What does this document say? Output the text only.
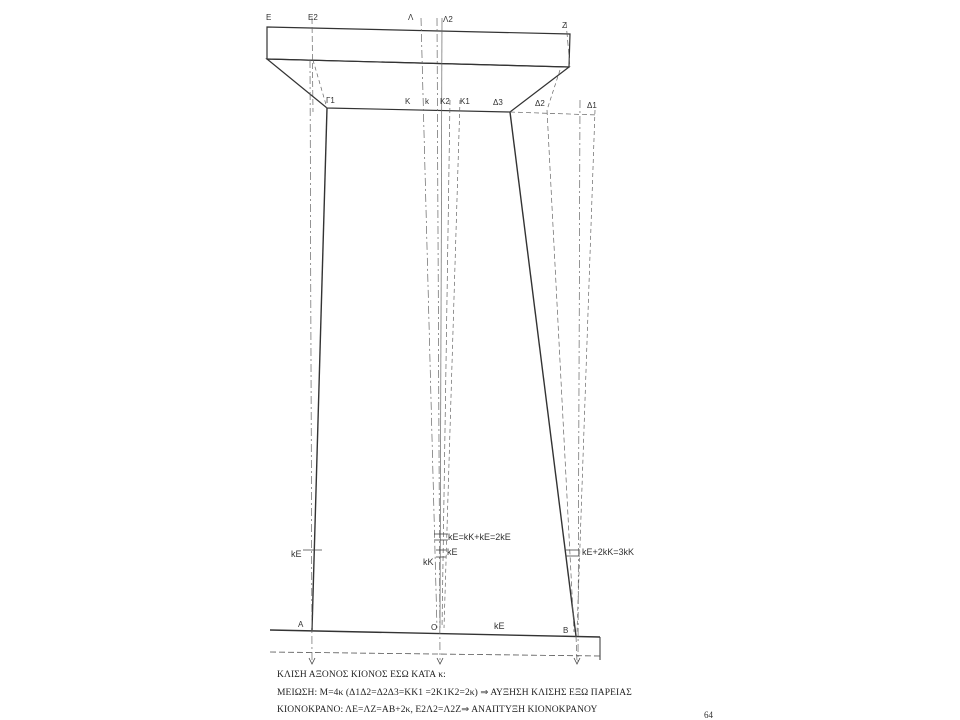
Ε	Ε2	Λ	Λ2
Ζ
Γ1	Κ k K2 K1	Δ3	Δ2	Δ1
Α	Ο	Β
kΕ
kΕ
kΕ
kΚ
kΕ=kΚ+kΕ=2kΕ
kΕ+2kΚ=3kΚ
ΚΛΙΣΗ ΑΞΟΝΟΣ ΚΙΟΝΟΣ ΕΣΩ ΚΑΤΑ κ:
ΜΕΙΩΣΗ: Μ=4κ (Δ1Δ2=Δ2Δ3=ΚΚ1 =2Κ1Κ2=2κ) ⇒ ΑΥΞΗΣΗ ΚΛΙΣΗΣ ΕΞΩ ΠΑΡΕΙΑΣ
ΚΙΟΝΟΚΡΑΝΟ: ΛΕ=ΛΖ=ΑΒ+2κ, Ε2Λ2=Λ2Ζ⇒ ΑΝΑΠΤΥΞΗ ΚΙΟΝΟΚΡΑΝΟΥ	64
